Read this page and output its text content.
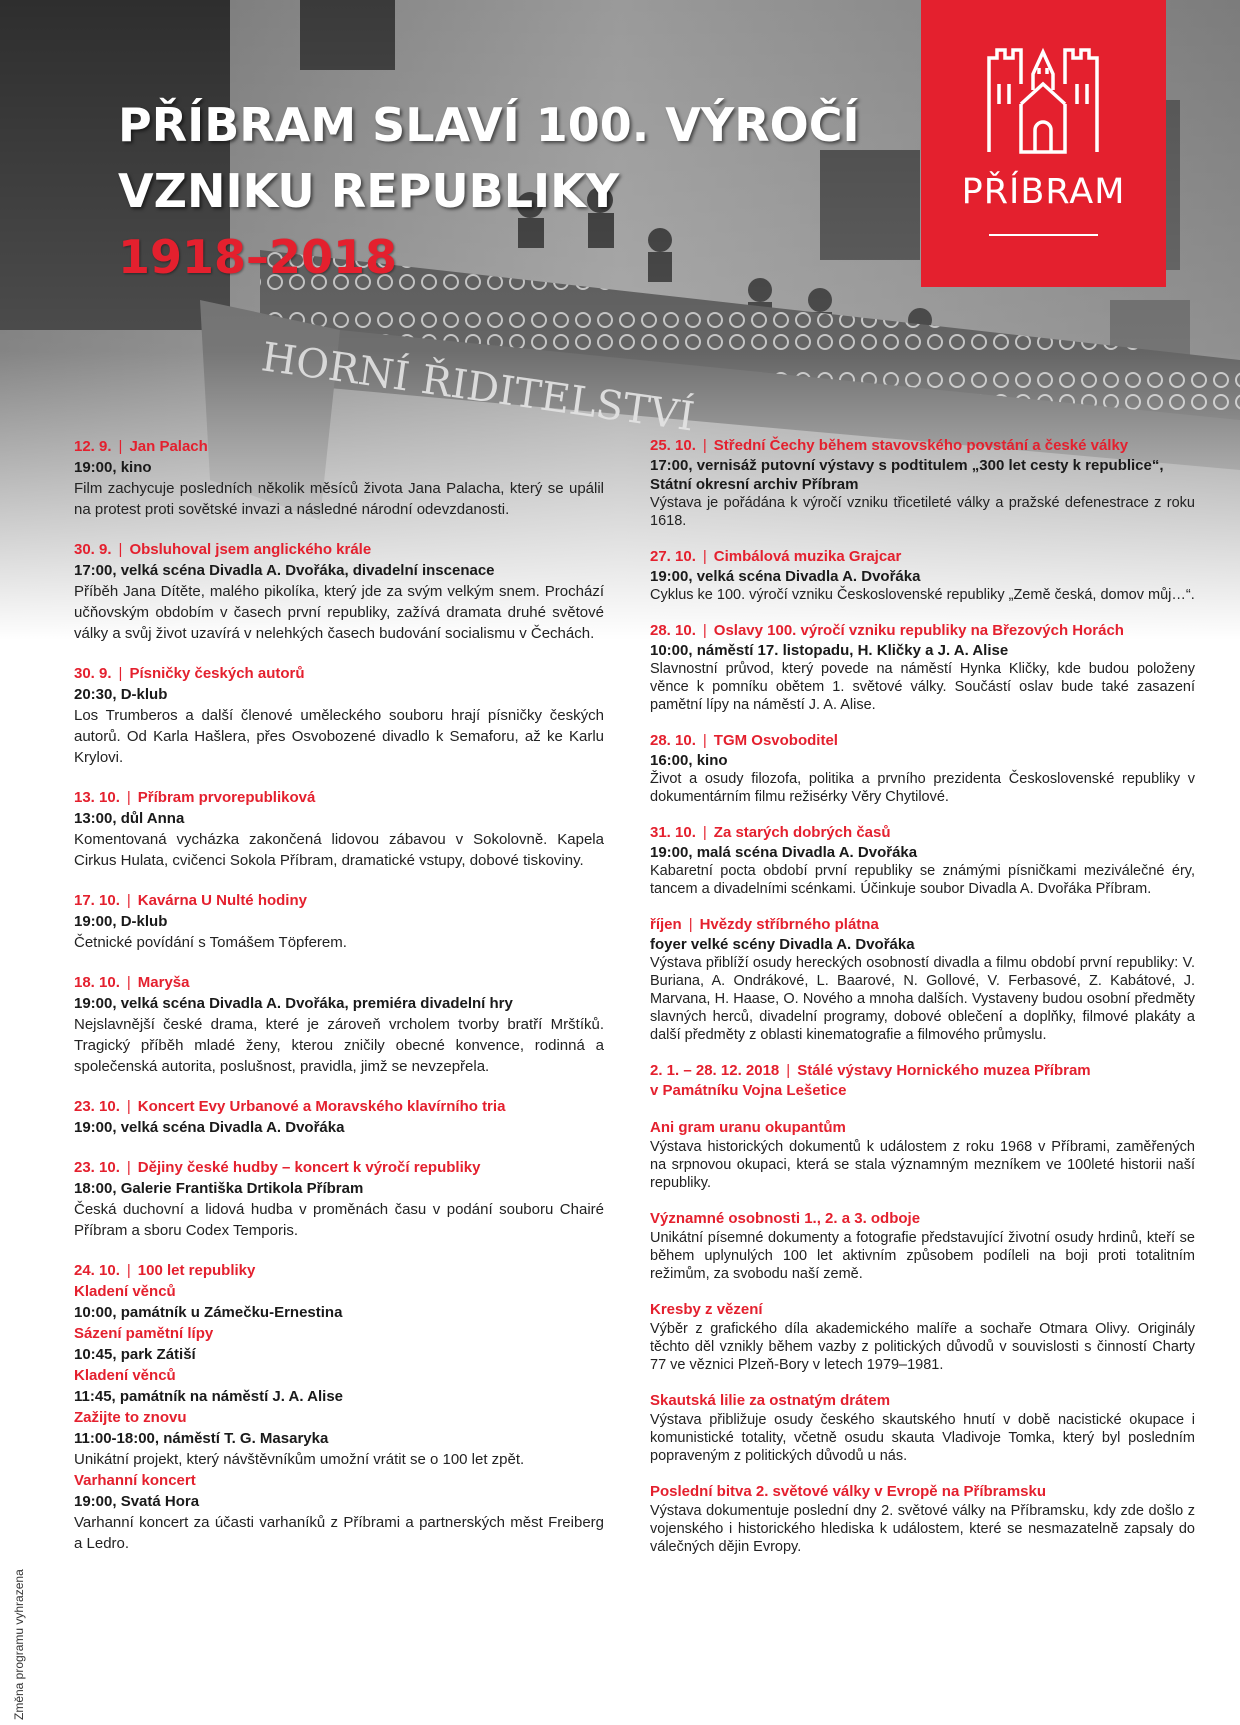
PŘÍBRAM SLAVÍ 100. VÝROČÍ
VZNIKU REPUBLIKY
1918–2018
PŘÍBRAM
12. 9. | Jan Palach
19:00, kino
Film zachycuje posledních několik měsíců života Jana Palacha, který se upálil na protest proti sovětské invazi a následné národní odevzdanosti.
30. 9. | Obsluhoval jsem anglického krále
17:00, velká scéna Divadla A. Dvořáka, divadelní inscenace
Příběh Jana Dítěte, malého pikolíka, který jde za svým velkým snem. Prochází učňovským obdobím v časech první republiky, zažívá dramata druhé světové války a svůj život uzavírá v nelehkých časech budování socialismu v Čechách.
30. 9. | Písničky českých autorů
20:30, D-klub
Los Trumberos a další členové uměleckého souboru hrají písničky českých autorů. Od Karla Hašlera, přes Osvobozené divadlo k Semaforu, až ke Karlu Krylovi.
13. 10. | Příbram prvorepubliková
13:00, důl Anna
Komentovaná vycházka zakončená lidovou zábavou v Sokolovně. Kapela Cirkus Hulata, cvičenci Sokola Příbram, dramatické vstupy, dobové tiskoviny.
17. 10. | Kavárna U Nulté hodiny
19:00, D-klub
Četnické povídání s Tomášem Töpferem.
18. 10. | Maryša
19:00, velká scéna Divadla A. Dvořáka, premiéra divadelní hry
Nejslavnější české drama, které je zároveň vrcholem tvorby bratří Mrštíků. Tragický příběh mladé ženy, kterou zničily obecné konvence, rodinná a společenská autorita, poslušnost, pravidla, jimž se nevzepřela.
23. 10. | Koncert Evy Urbanové a Moravského klavírního tria
19:00, velká scéna Divadla A. Dvořáka
23. 10. | Dějiny české hudby – koncert k výročí republiky
18:00, Galerie Františka Drtikola Příbram
Česká duchovní a lidová hudba v proměnách času v podání souboru Chairé Příbram a sboru Codex Temporis.
24. 10. | 100 let republiky
Kladení věnců
10:00, památník u Zámečku-Ernestina
Sázení pamětní lípy
10:45, park Zátiší
Kladení věnců
11:45, památník na náměstí J. A. Alise
Zažijte to znovu
11:00-18:00, náměstí T. G. Masaryka
Unikátní projekt, který návštěvníkům umožní vrátit se o 100 let zpět.
Varhanní koncert
19:00, Svatá Hora
Varhanní koncert za účasti varhaníků z Příbrami a partnerských měst Freiberg a Ledro.
25. 10. | Střední Čechy během stavovského povstání a české války
17:00, vernisáž putovní výstavy s podtitulem „300 let cesty k republice“, Státní okresní archiv Příbram
Výstava je pořádána k výročí vzniku třicetileté války a pražské defenestrace z roku 1618.
27. 10. | Cimbálová muzika Grajcar
19:00, velká scéna Divadla A. Dvořáka
Cyklus ke 100. výročí vzniku Československé republiky „Země česká, domov můj…“.
28. 10. | Oslavy 100. výročí vzniku republiky na Březových Horách
10:00, náměstí 17. listopadu, H. Kličky a J. A. Alise
Slavnostní průvod, který povede na náměstí Hynka Kličky, kde budou položeny věnce k pomníku obětem 1. světové války. Součástí oslav bude také zasazení pamětní lípy na náměstí J. A. Alise.
28. 10. | TGM Osvoboditel
16:00, kino
Život a osudy filozofa, politika a prvního prezidenta Československé republiky v dokumentárním filmu režisérky Věry Chytilové.
31. 10. | Za starých dobrých časů
19:00, malá scéna Divadla A. Dvořáka
Kabaretní pocta období první republiky se známými písničkami meziválečné éry, tancem a divadelními scénkami. Účinkuje soubor Divadla A. Dvořáka Příbram.
říjen | Hvězdy stříbrného plátna
foyer velké scény Divadla A. Dvořáka
Výstava přiblíží osudy hereckých osobností divadla a filmu období první republiky: V. Buriana, A. Ondrákové, L. Baarové, N. Gollové, V. Ferbasové, Z. Kabátové, J. Marvana, H. Haase, O. Nového a mnoha dalších. Vystaveny budou osobní předměty slavných herců, divadelní programy, dobové oblečení a doplňky, filmové plakáty a další předměty z oblasti kinematografie a filmového průmyslu.
2. 1. – 28. 12. 2018 | Stálé výstavy Hornického muzea Příbram
v Památníku Vojna Lešetice
Ani gram uranu okupantům
Výstava historických dokumentů k událostem z roku 1968 v Příbrami, zaměřených na srpnovou okupaci, která se stala významným mezníkem ve 100leté historii naší republiky.
Významné osobnosti 1., 2. a 3. odboje
Unikátní písemné dokumenty a fotografie představující životní osudy hrdinů, kteří se během uplynulých 100 let aktivním způsobem podíleli na boji proti totalitním režimům, za svobodu naší země.
Kresby z vězení
Výběr z grafického díla akademického malíře a sochaře Otmara Olivy. Originály těchto děl vznikly během vazby z politických důvodů v souvislosti s činností Charty 77 ve věznici Plzeň-Bory v letech 1979–1981.
Skautská lilie za ostnatým drátem
Výstava přibližuje osudy českého skautského hnutí v době nacistické okupace i komunistické totality, včetně osudu skauta Vladivoje Tomka, který byl posledním popraveným z politických důvodů u nás.
Poslední bitva 2. světové války v Evropě na Příbramsku
Výstava dokumentuje poslední dny 2. světové války na Příbramsku, kdy zde došlo z vojenského i historického hlediska k událostem, které se nesmazatelně zapsaly do válečných dějin Evropy.
Změna programu vyhrazena
